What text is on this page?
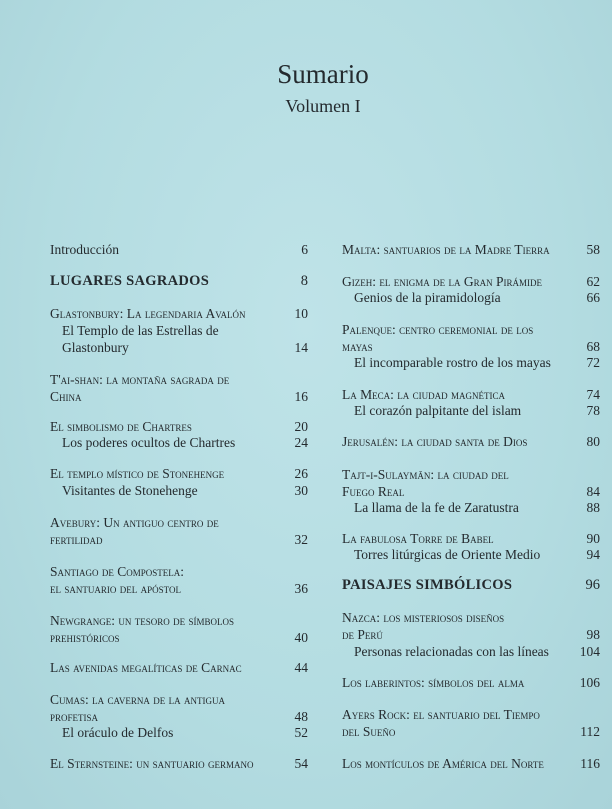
Sumario
Volumen I
Introducción	6
LUGARES SAGRADOS	8
Glastonbury: La legendaria Avalón	10
El Templo de las Estrellas de
Glastonbury	14
T'ai-shan: la montaña sagrada de
China	16
El simbolismo de Chartres	20
Los poderes ocultos de Chartres	24
El templo místico de Stonehenge	26
Visitantes de Stonehenge	30
Avebury: Un antiguo centro de
fertilidad	32
Santiago de Compostela:
el santuario del apóstol	36
Newgrange: un tesoro de símbolos
prehistóricos	40
Las avenidas megalíticas de Carnac	44
Cumas: la caverna de la antigua
profetisa	48
El oráculo de Delfos	52
El Sternsteine: un santuario germano	54
Malta: santuarios de la Madre Tierra	58
Gizeh: el enigma de la Gran Pirámide	62
Genios de la piramidología	66
Palenque: centro ceremonial de los
mayas	68
El incomparable rostro de los mayas	72
La Meca: la ciudad magnética	74
El corazón palpitante del islam	78
Jerusalén: la ciudad santa de Dios	80
Tajt-i-Sulaymān: la ciudad del
Fuego Real	84
La llama de la fe de Zaratustra	88
La fabulosa Torre de Babel	90
Torres litúrgicas de Oriente Medio	94
PAISAJES SIMBÓLICOS	96
Nazca: los misteriosos diseños
de Perú	98
Personas relacionadas con las líneas	104
Los laberintos: símbolos del alma	106
Ayers Rock: el santuario del Tiempo
del Sueño	112
Los montículos de América del Norte	116
